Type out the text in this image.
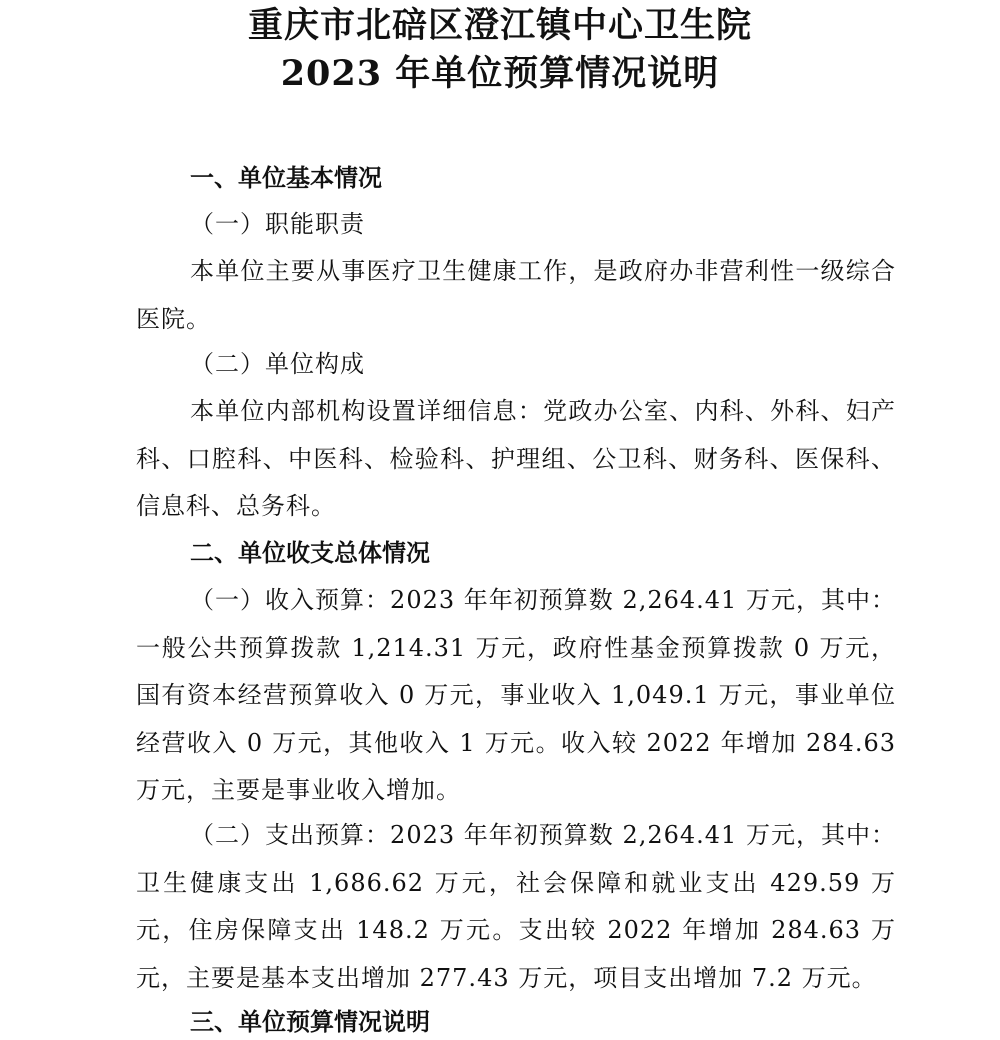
重庆市北碚区澄江镇中心卫生院
2023 年单位预算情况说明
一、单位基本情况
（一）职能职责

本单位主要从事医疗卫生健康工作，是政府办非营利性一级综合医院。

（二）单位构成

本单位内部机构设置详细信息：党政办公室、内科、外科、妇产科、口腔科、中医科、检验科、护理组、公卫科、财务科、医保科、信息科、总务科。

二、单位收支总体情况

（一）收入预算：2023 年年初预算数 2,264.41 万元，其中：一般公共预算拨款 1,214.31 万元，政府性基金预算拨款 0 万元，国有资本经营预算收入 0 万元，事业收入 1,049.1 万元，事业单位经营收入 0 万元，其他收入 1 万元。收入较 2022 年增加 284.63 万元，主要是事业收入增加。

（二）支出预算：2023 年年初预算数 2,264.41 万元，其中：卫生健康支出 1,686.62 万元，社会保障和就业支出 429.59 万元，住房保障支出 148.2 万元。支出较 2022 年增加 284.63 万元，主要是基本支出增加 277.43 万元，项目支出增加 7.2 万元。

三、单位预算情况说明
